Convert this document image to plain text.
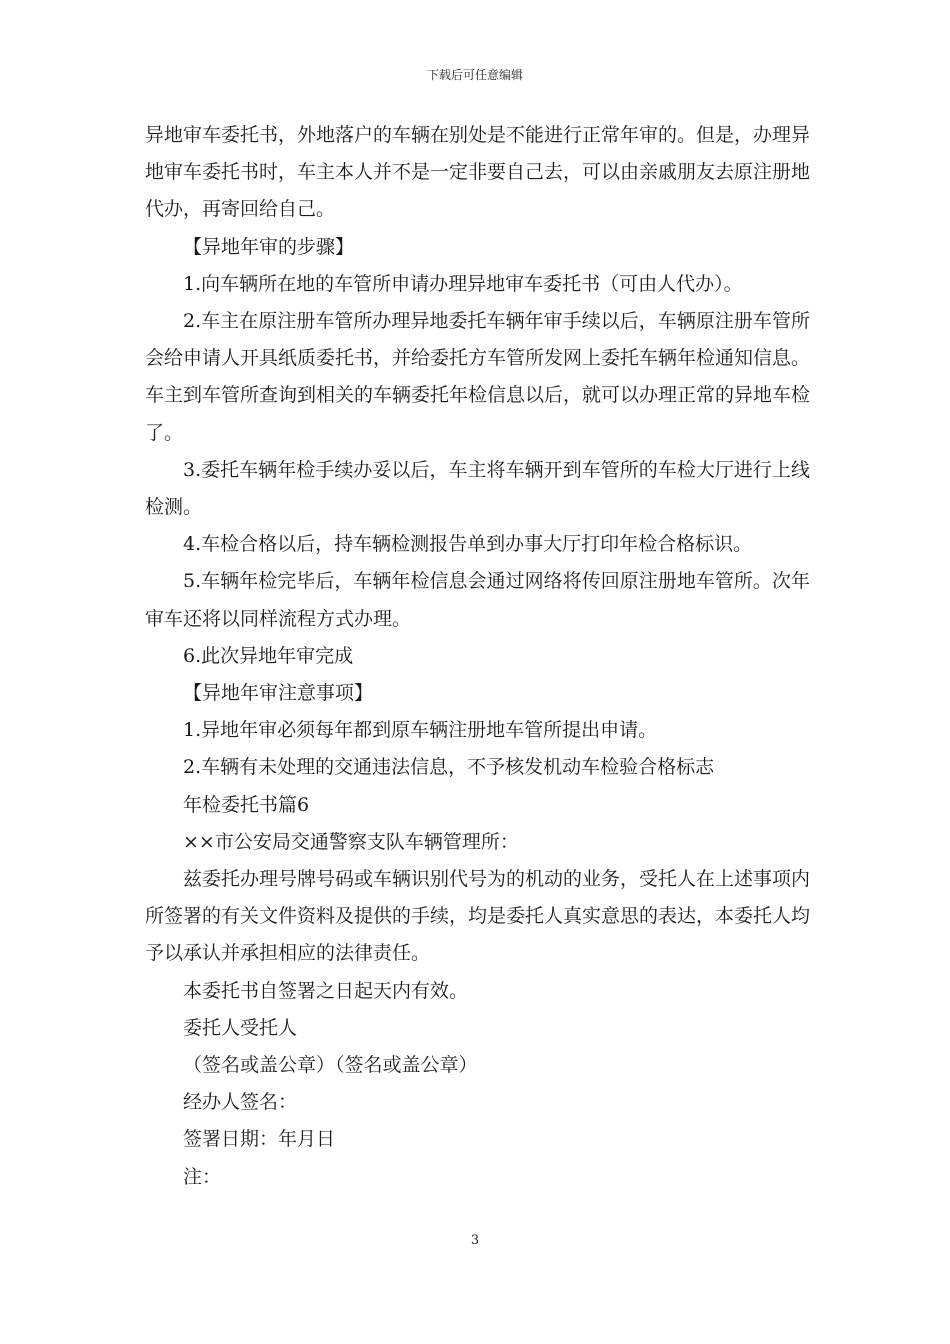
下载后可任意编辑

异地审车委托书，外地落户的车辆在别处是不能进行正常年审的。但是，办理异地审车委托书时，车主本人并不是一定非要自己去，可以由亲戚朋友去原注册地代办，再寄回给自己。

【异地年审的步骤】

1.向车辆所在地的车管所申请办理异地审车委托书（可由人代办）。

2.车主在原注册车管所办理异地委托车辆年审手续以后，车辆原注册车管所会给申请人开具纸质委托书，并给委托方车管所发网上委托车辆年检通知信息。车主到车管所查询到相关的车辆委托年检信息以后，就可以办理正常的异地车检了。

3.委托车辆年检手续办妥以后，车主将车辆开到车管所的车检大厅进行上线检测。

4.车检合格以后，持车辆检测报告单到办事大厅打印年检合格标识。

5.车辆年检完毕后，车辆年检信息会通过网络将传回原注册地车管所。次年审车还将以同样流程方式办理。

6.此次异地年审完成

【异地年审注意事项】

1.异地年审必须每年都到原车辆注册地车管所提出申请。

2.车辆有未处理的交通违法信息，不予核发机动车检验合格标志

年检委托书篇6

××市公安局交通警察支队车辆管理所：

兹委托办理号牌号码或车辆识别代号为的机动的业务，受托人在上述事项内所签署的有关文件资料及提供的手续，均是委托人真实意思的表达，本委托人均予以承认并承担相应的法律责任。

本委托书自签署之日起天内有效。

委托人受托人

（签名或盖公章）（签名或盖公章）

经办人签名：

签署日期：年月日

注：

3
